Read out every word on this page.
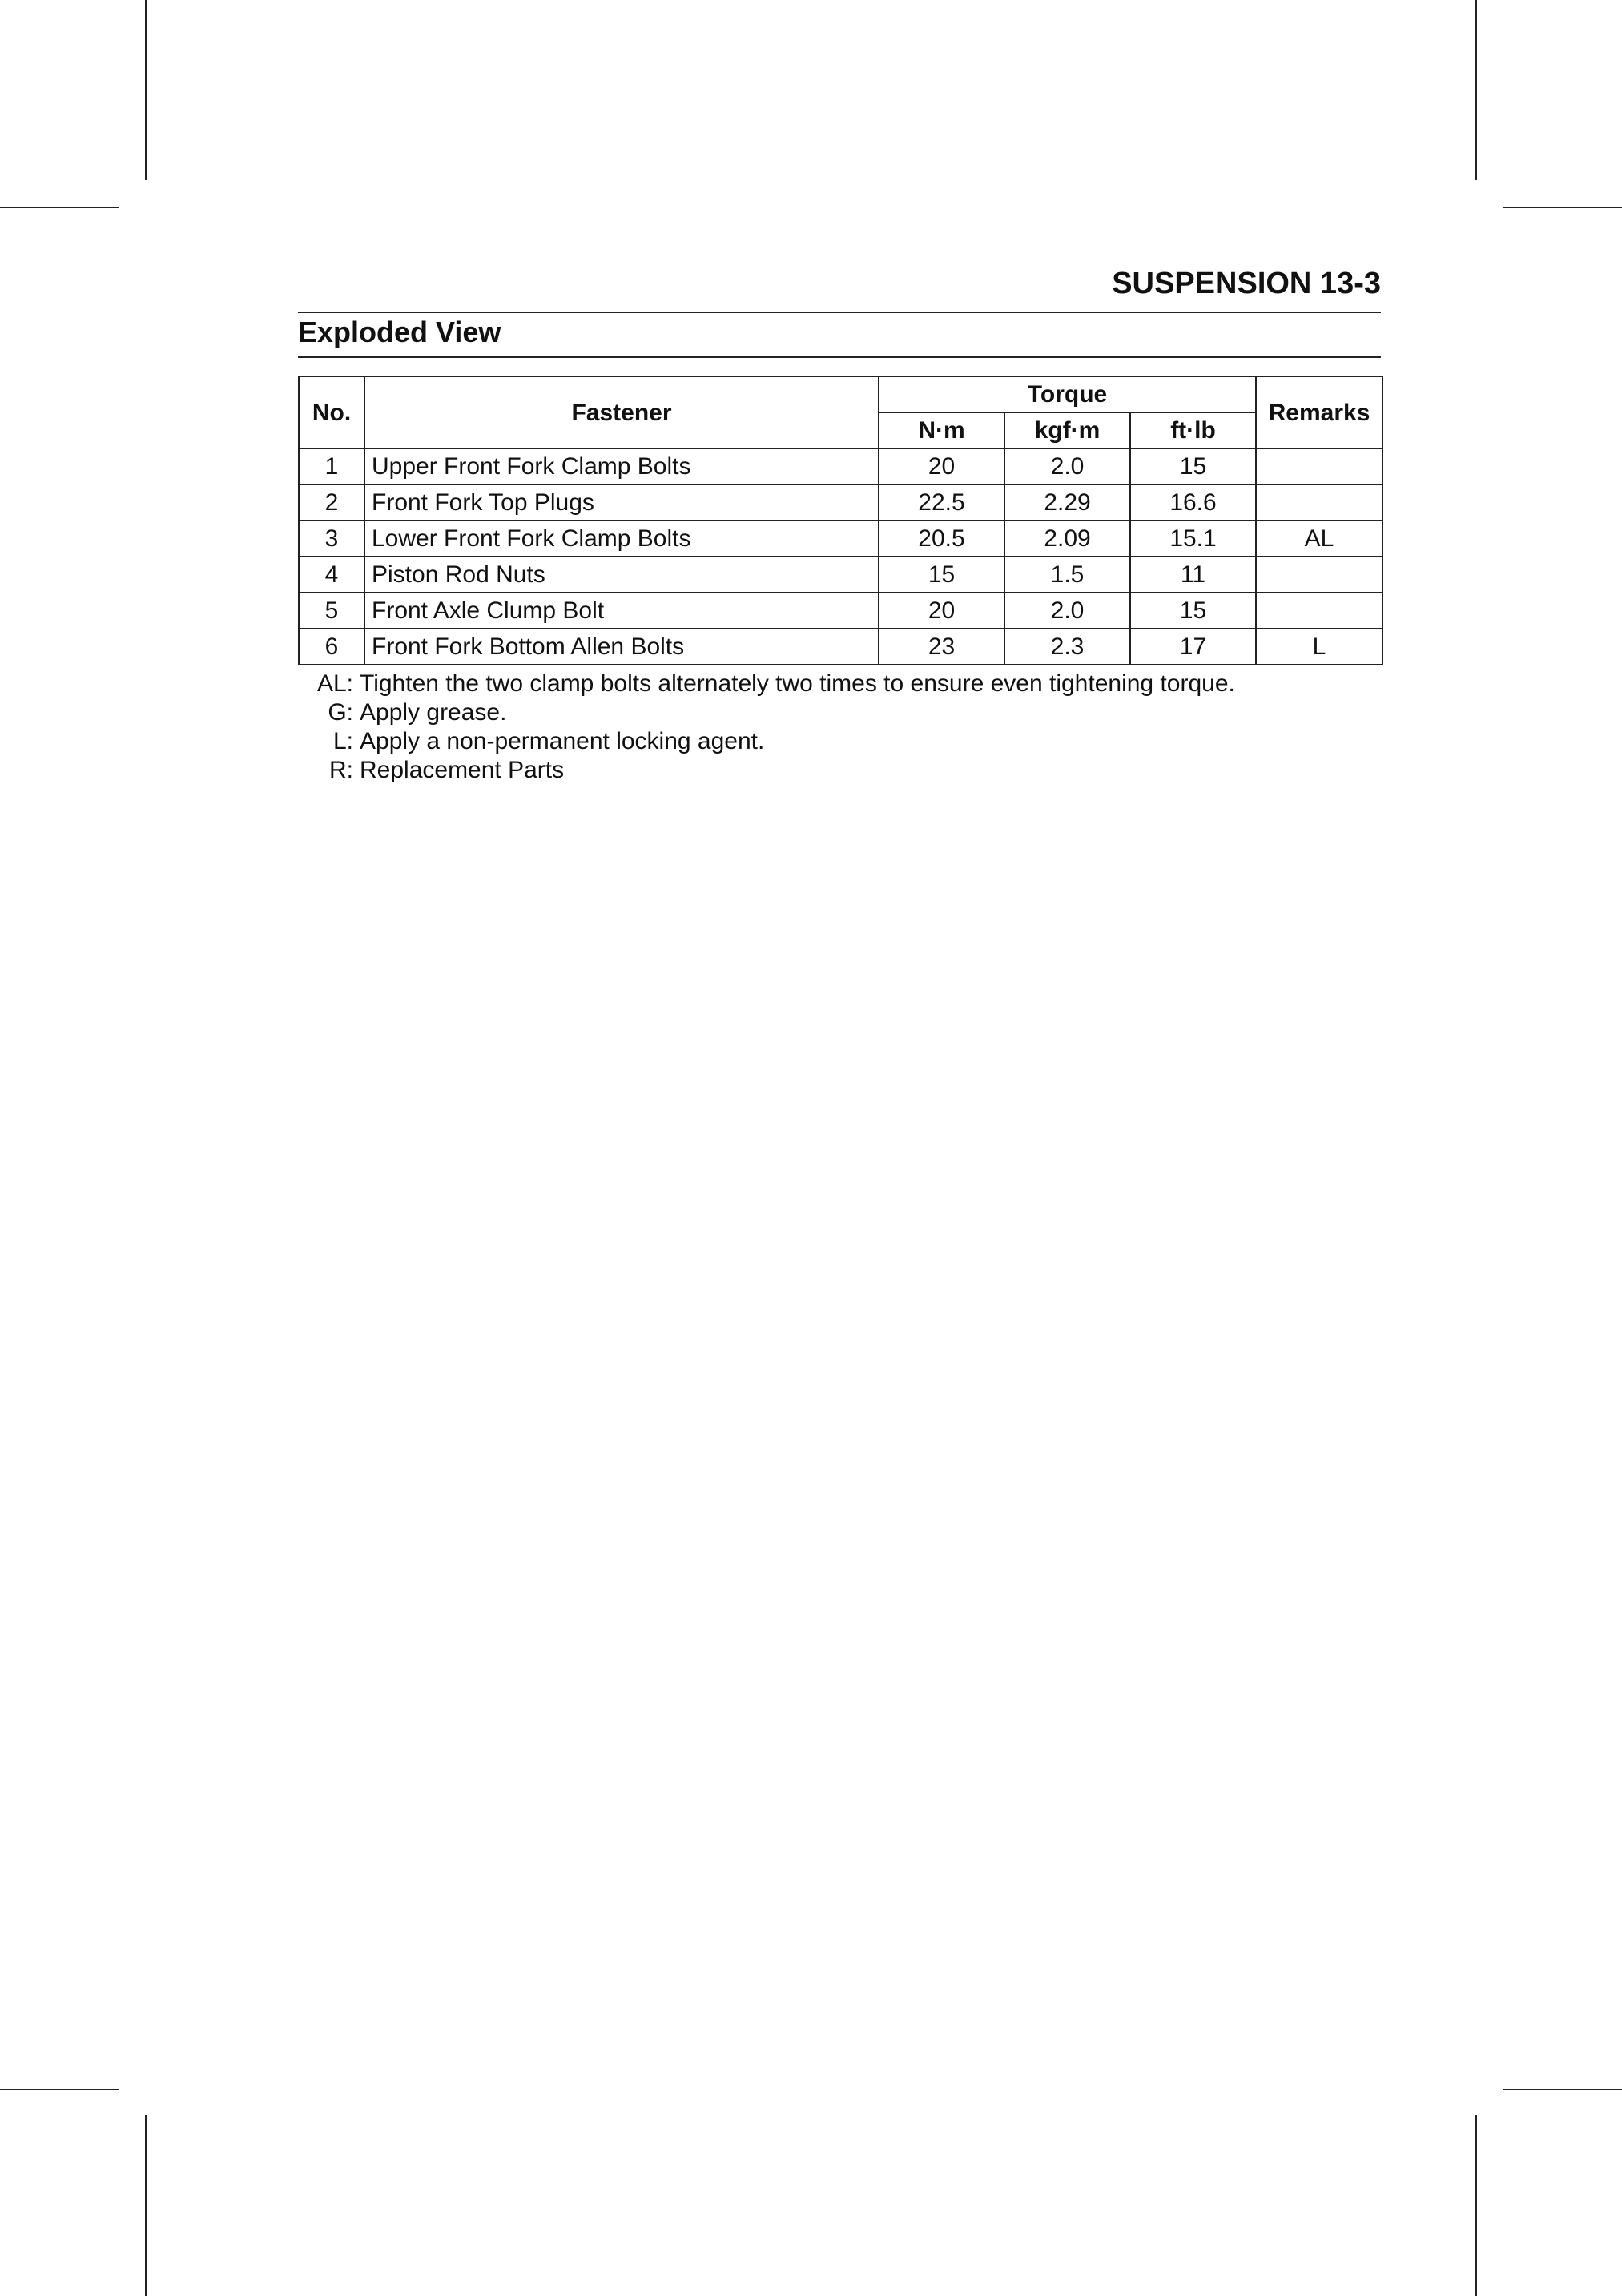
SUSPENSION 13-3
Exploded View
No.	Fastener	Torque			Remarks
		N·m	kgf·m	ft·lb	
1	Upper Front Fork Clamp Bolts	20	2.0	15	
2	Front Fork Top Plugs	22.5	2.29	16.6	
3	Lower Front Fork Clamp Bolts	20.5	2.09	15.1	AL
4	Piston Rod Nuts	15	1.5	11	
5	Front Axle Clump Bolt	20	2.0	15	
6	Front Fork Bottom Allen Bolts	23	2.3	17	L
AL: Tighten the two clamp bolts alternately two times to ensure even tightening torque.
G: Apply grease.
L: Apply a non-permanent locking agent.
R: Replacement Parts
